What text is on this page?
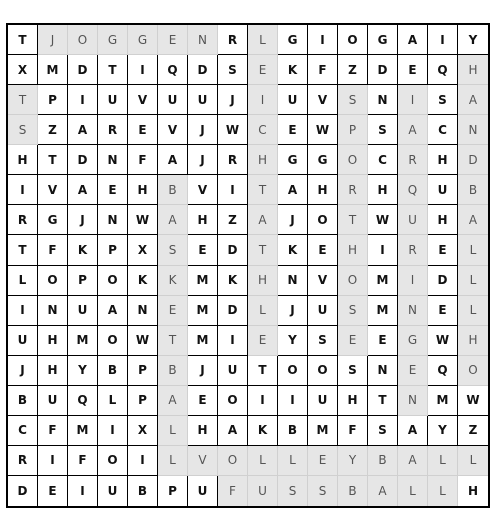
T	J	O	G	G	E	N	R	L	G	I	O	G	A	I	Y
X	M	D	T	I	Q	D	S	E	K	F	Z	D	E	Q	H
T	P	I	U	V	U	U	J	I	U	V	S	N	I	S	A
S	Z	A	R	E	V	J	W	C	E	W	P	S	A	C	N
H	T	D	N	F	A	J	R	H	G	G	O	C	R	H	D
I	V	A	E	H	B	V	I	T	A	H	R	H	Q	U	B
R	G	J	N	W	A	H	Z	A	J	O	T	W	U	H	A
T	F	K	P	X	S	E	D	T	K	E	H	I	R	E	L
L	O	P	O	K	K	M	K	H	N	V	O	M	I	D	L
I	N	U	A	N	E	M	D	L	J	U	S	M	N	E	L
U	H	M	O	W	T	M	I	E	Y	S	E	E	G	W	H
J	H	Y	B	P	B	J	U	T	O	O	S	N	E	Q	O
B	U	Q	L	P	A	E	O	I	I	U	H	T	N	M	W
C	F	M	I	X	L	H	A	K	B	M	F	S	A	Y	Z
R	I	F	O	I	L	V	O	L	L	E	Y	B	A	L	L
D	E	I	U	B	P	U	F	U	S	S	B	A	L	L	H
